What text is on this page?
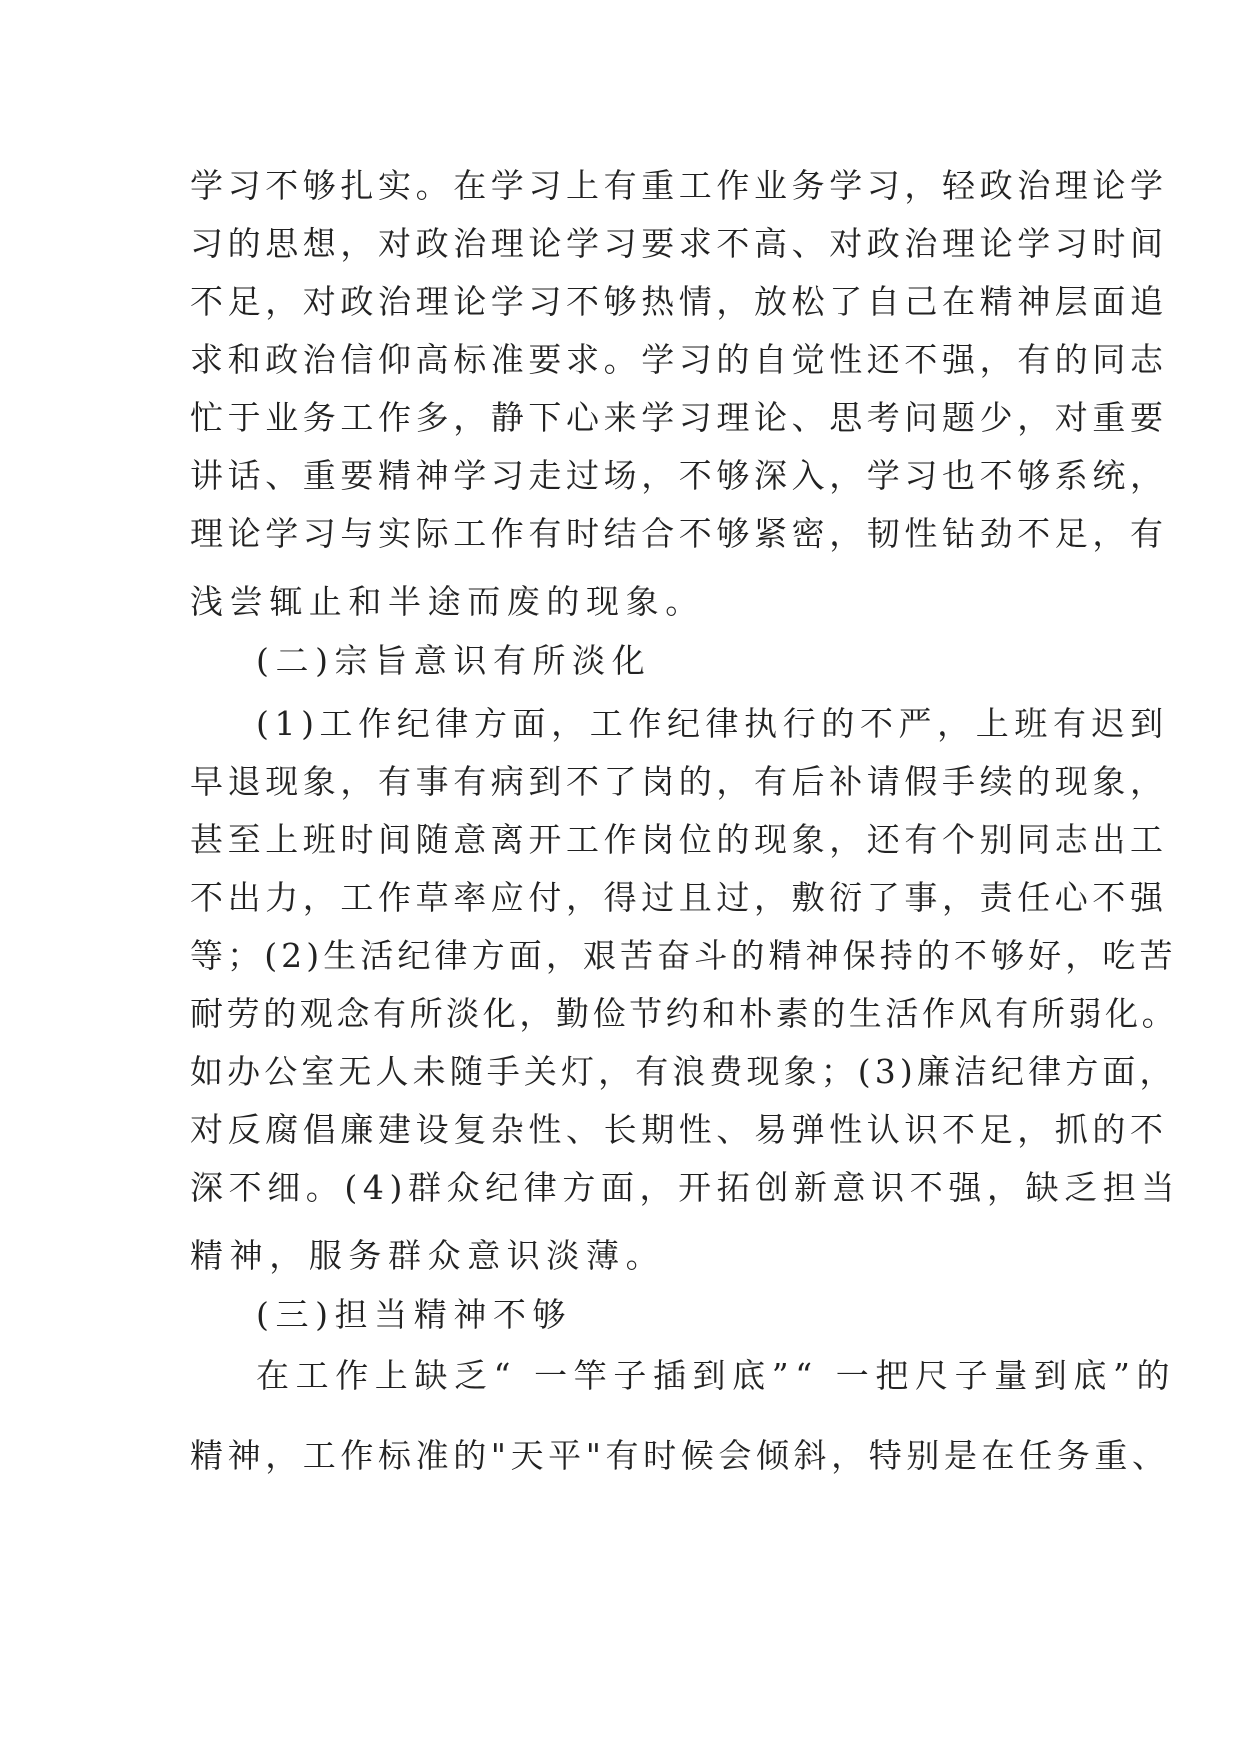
学习不够扎实。在学习上有重工作业务学习，轻政治理论学
习的思想，对政治理论学习要求不高、对政治理论学习时间
不足，对政治理论学习不够热情，放松了自己在精神层面追
求和政治信仰高标准要求。学习的自觉性还不强，有的同志
忙于业务工作多，静下心来学习理论、思考问题少，对重要
讲话、重要精神学习走过场，不够深入，学习也不够系统，
理论学习与实际工作有时结合不够紧密，韧性钻劲不足，有
浅尝辄止和半途而废的现象。
(二)宗旨意识有所淡化
(1)工作纪律方面，工作纪律执行的不严，上班有迟到
早退现象，有事有病到不了岗的，有后补请假手续的现象，
甚至上班时间随意离开工作岗位的现象，还有个别同志出工
不出力，工作草率应付，得过且过，敷衍了事，责任心不强
等；(2)生活纪律方面，艰苦奋斗的精神保持的不够好，吃苦
耐劳的观念有所淡化，勤俭节约和朴素的生活作风有所弱化。
如办公室无人未随手关灯，有浪费现象；(3)廉洁纪律方面，
对反腐倡廉建设复杂性、长期性、易弹性认识不足，抓的不
深不细。(4)群众纪律方面，开拓创新意识不强，缺乏担当
精神，服务群众意识淡薄。
(三)担当精神不够
在工作上缺乏“ 一竿子插到底”“ 一把尺子量到底”的
精神，工作标准的"天平"有时候会倾斜，特别是在任务重、
